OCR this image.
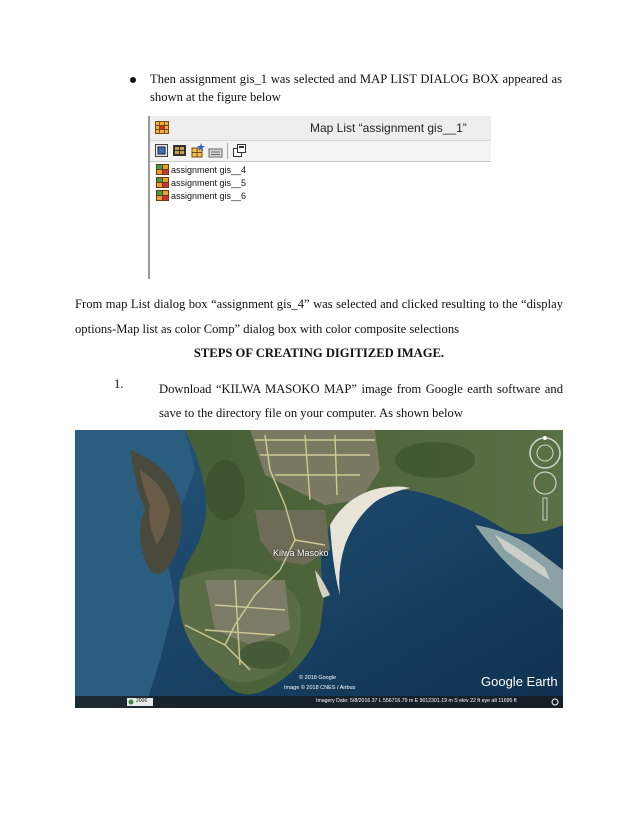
Then assignment gis_1 was selected and MAP LIST DIALOG BOX appeared as shown at the figure below

Map List “assignment gis__1”
assignment gis__4
assignment gis__5
assignment gis__6

From map List dialog box “assignment gis_4” was selected and clicked resulting to the “display options-Map list as color Comp” dialog box with color composite selections

STEPS OF CREATING DIGITIZED IMAGE.

1.	Download “KILWA MASOKO MAP” image from Google earth software and save to the directory file on your computer. As shown below

Kilwa Masoko
Google Earth
© 2018 Google
Image © 2018 CNES / Airbus
Imagery Date: 5/8/2016 37 L 556716.79 m E 9012301.19 m S elev 22 ft eye alt 11695 ft
2006
